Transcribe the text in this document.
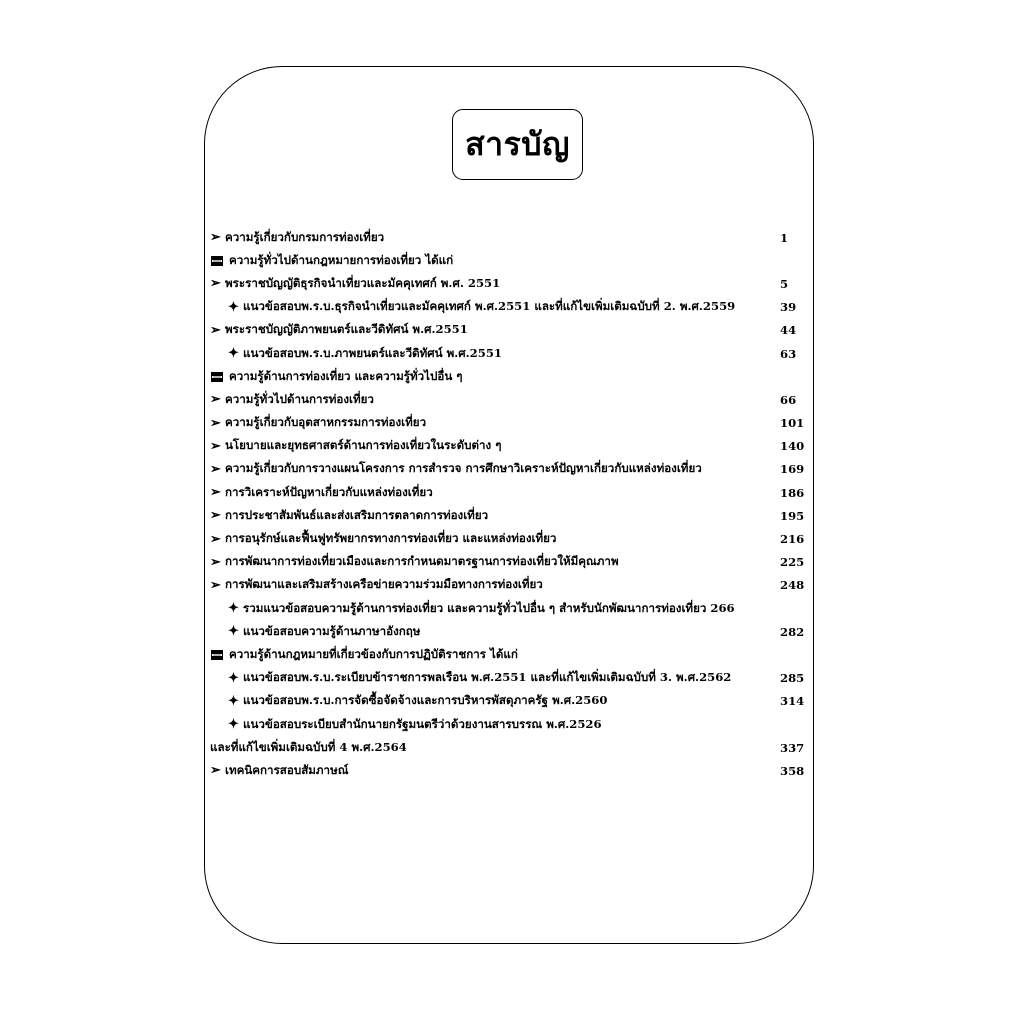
สารบัญ
➢ ความรู้เกี่ยวกับกรมการท่องเที่ยว	1
ความรู้ทั่วไปด้านกฎหมายการท่องเที่ยว ได้แก่
➢ พระราชบัญญัติธุรกิจนำเที่ยวและมัคคุเทศก์ พ.ศ. 2551	5
✦ แนวข้อสอบพ.ร.บ.ธุรกิจนำเที่ยวและมัคคุเทศก์ พ.ศ.2551 และที่แก้ไขเพิ่มเติมฉบับที่ 2. พ.ศ.2559	39
➢ พระราชบัญญัติภาพยนตร์และวีดิทัศน์ พ.ศ.2551	44
✦ แนวข้อสอบพ.ร.บ.ภาพยนตร์และวีดิทัศน์ พ.ศ.2551	63
ความรู้ด้านการท่องเที่ยว และความรู้ทั่วไปอื่น ๆ
➢ ความรู้ทั่วไปด้านการท่องเที่ยว	66
➢ ความรู้เกี่ยวกับอุตสาหกรรมการท่องเที่ยว	101
➢ นโยบายและยุทธศาสตร์ด้านการท่องเที่ยวในระดับต่าง ๆ	140
➢ ความรู้เกี่ยวกับการวางแผนโครงการ การสำรวจ การศึกษาวิเคราะห์ปัญหาเกี่ยวกับแหล่งท่องเที่ยว	169
➢ การวิเคราะห์ปัญหาเกี่ยวกับแหล่งท่องเที่ยว	186
➢ การประชาสัมพันธ์และส่งเสริมการตลาดการท่องเที่ยว	195
➢ การอนุรักษ์และฟื้นฟูทรัพยากรทางการท่องเที่ยว และแหล่งท่องเที่ยว	216
➢ การพัฒนาการท่องเที่ยวเมืองและการกำหนดมาตรฐานการท่องเที่ยวให้มีคุณภาพ	225
➢ การพัฒนาและเสริมสร้างเครือข่ายความร่วมมือทางการท่องเที่ยว	248
✦ รวมแนวข้อสอบความรู้ด้านการท่องเที่ยว และความรู้ทั่วไปอื่น ๆ สำหรับนักพัฒนาการท่องเที่ยว 266
✦ แนวข้อสอบความรู้ด้านภาษาอังกฤษ	282
ความรู้ด้านกฎหมายที่เกี่ยวข้องกับการปฏิบัติราชการ ได้แก่
✦ แนวข้อสอบพ.ร.บ.ระเบียบข้าราชการพลเรือน พ.ศ.2551 และที่แก้ไขเพิ่มเติมฉบับที่ 3. พ.ศ.2562	285
✦ แนวข้อสอบพ.ร.บ.การจัดซื้อจัดจ้างและการบริหารพัสดุภาครัฐ พ.ศ.2560	314
✦ แนวข้อสอบระเบียบสำนักนายกรัฐมนตรีว่าด้วยงานสารบรรณ พ.ศ.2526
และที่แก้ไขเพิ่มเติมฉบับที่ 4 พ.ศ.2564	337
➢ เทคนิคการสอบสัมภาษณ์	358
